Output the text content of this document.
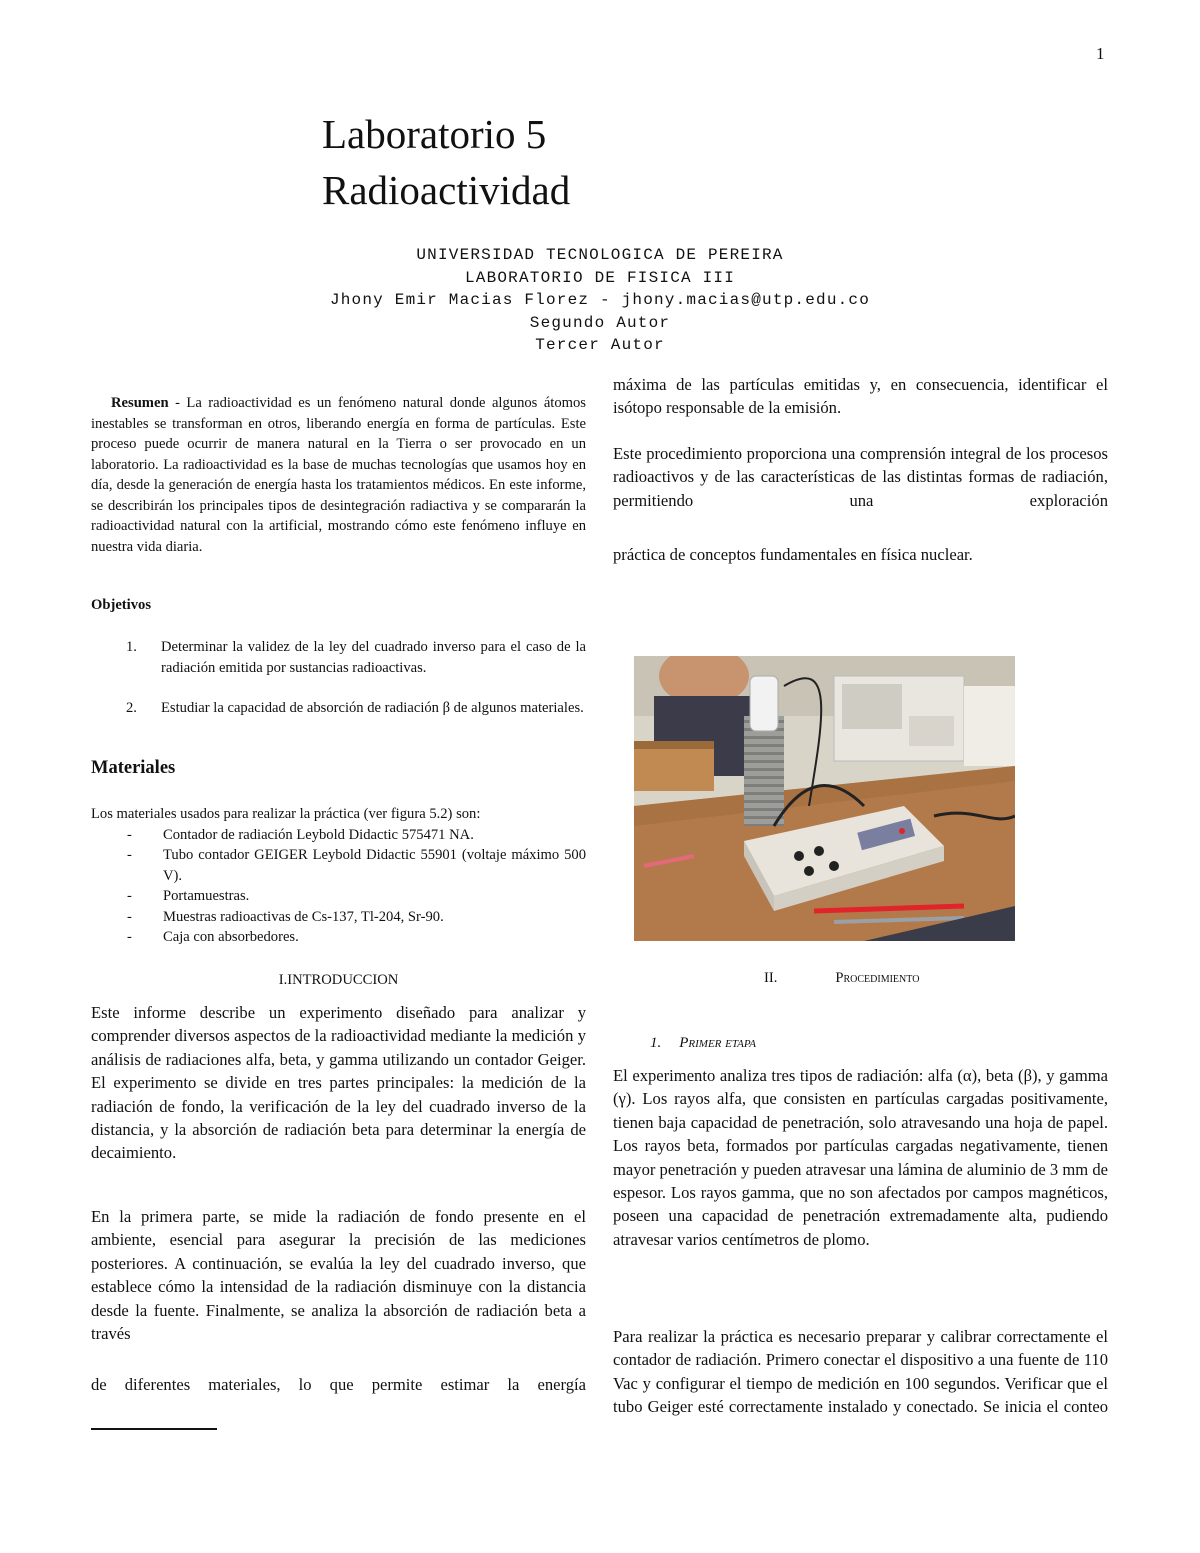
1
Laboratorio 5
Radioactividad
UNIVERSIDAD TECNOLOGICA DE PEREIRA
LABORATORIO DE FISICA III
Jhony Emir Macias Florez - jhony.macias@utp.edu.co
Segundo Autor
Tercer Autor
Resumen - La radioactividad es un fenómeno natural donde algunos átomos inestables se transforman en otros, liberando energía en forma de partículas. Este proceso puede ocurrir de manera natural en la Tierra o ser provocado en un laboratorio. La radioactividad es la base de muchas tecnologías que usamos hoy en día, desde la generación de energía hasta los tratamientos médicos. En este informe, se describirán los principales tipos de desintegración radiactiva y se compararán la radioactividad natural con la artificial, mostrando cómo este fenómeno influye en nuestra vida diaria.
Objetivos
1. Determinar la validez de la ley del cuadrado inverso para el caso de la radiación emitida por sustancias radioactivas.
2. Estudiar la capacidad de absorción de radiación β de algunos materiales.
Materiales
Los materiales usados para realizar la práctica (ver figura 5.2) son:
- Contador de radiación Leybold Didactic 575471 NA.
- Tubo contador GEIGER Leybold Didactic 55901 (voltaje máximo 500 V).
- Portamuestras.
- Muestras radioactivas de Cs-137, Tl-204, Sr-90.
- Caja con absorbedores.
I.INTRODUCCION
Este informe describe un experimento diseñado para analizar y comprender diversos aspectos de la radioactividad mediante la medición y análisis de radiaciones alfa, beta, y gamma utilizando un contador Geiger. El experimento se divide en tres partes principales: la medición de la radiación de fondo, la verificación de la ley del cuadrado inverso de la distancia, y la absorción de radiación beta para determinar la energía de decaimiento.
En la primera parte, se mide la radiación de fondo presente en el ambiente, esencial para asegurar la precisión de las mediciones posteriores. A continuación, se evalúa la ley del cuadrado inverso, que establece cómo la intensidad de la radiación disminuye con la distancia desde la fuente. Finalmente, se analiza la absorción de radiación beta a través
de diferentes materiales, lo que permite estimar la energía
máxima de las partículas emitidas y, en consecuencia, identificar el isótopo responsable de la emisión.
Este procedimiento proporciona una comprensión integral de los procesos radioactivos y de las características de las distintas formas de radiación, permitiendo una exploración
práctica de conceptos fundamentales en física nuclear.
II.	Procedimiento
1. Primer etapa
El experimento analiza tres tipos de radiación: alfa (α), beta (β), y gamma (γ). Los rayos alfa, que consisten en partículas cargadas positivamente, tienen baja capacidad de penetración, solo atravesando una hoja de papel. Los rayos beta, formados por partículas cargadas negativamente, tienen mayor penetración y pueden atravesar una lámina de aluminio de 3 mm de espesor. Los rayos gamma, que no son afectados por campos magnéticos, poseen una capacidad de penetración extremadamente alta, pudiendo atravesar varios centímetros de plomo.
Para realizar la práctica es necesario preparar y calibrar correctamente el contador de radiación. Primero conectar el dispositivo a una fuente de 110 Vac y configurar el tiempo de medición en 100 segundos. Verificar que el tubo Geiger esté correctamente instalado y conectado. Se inicia el conteo
